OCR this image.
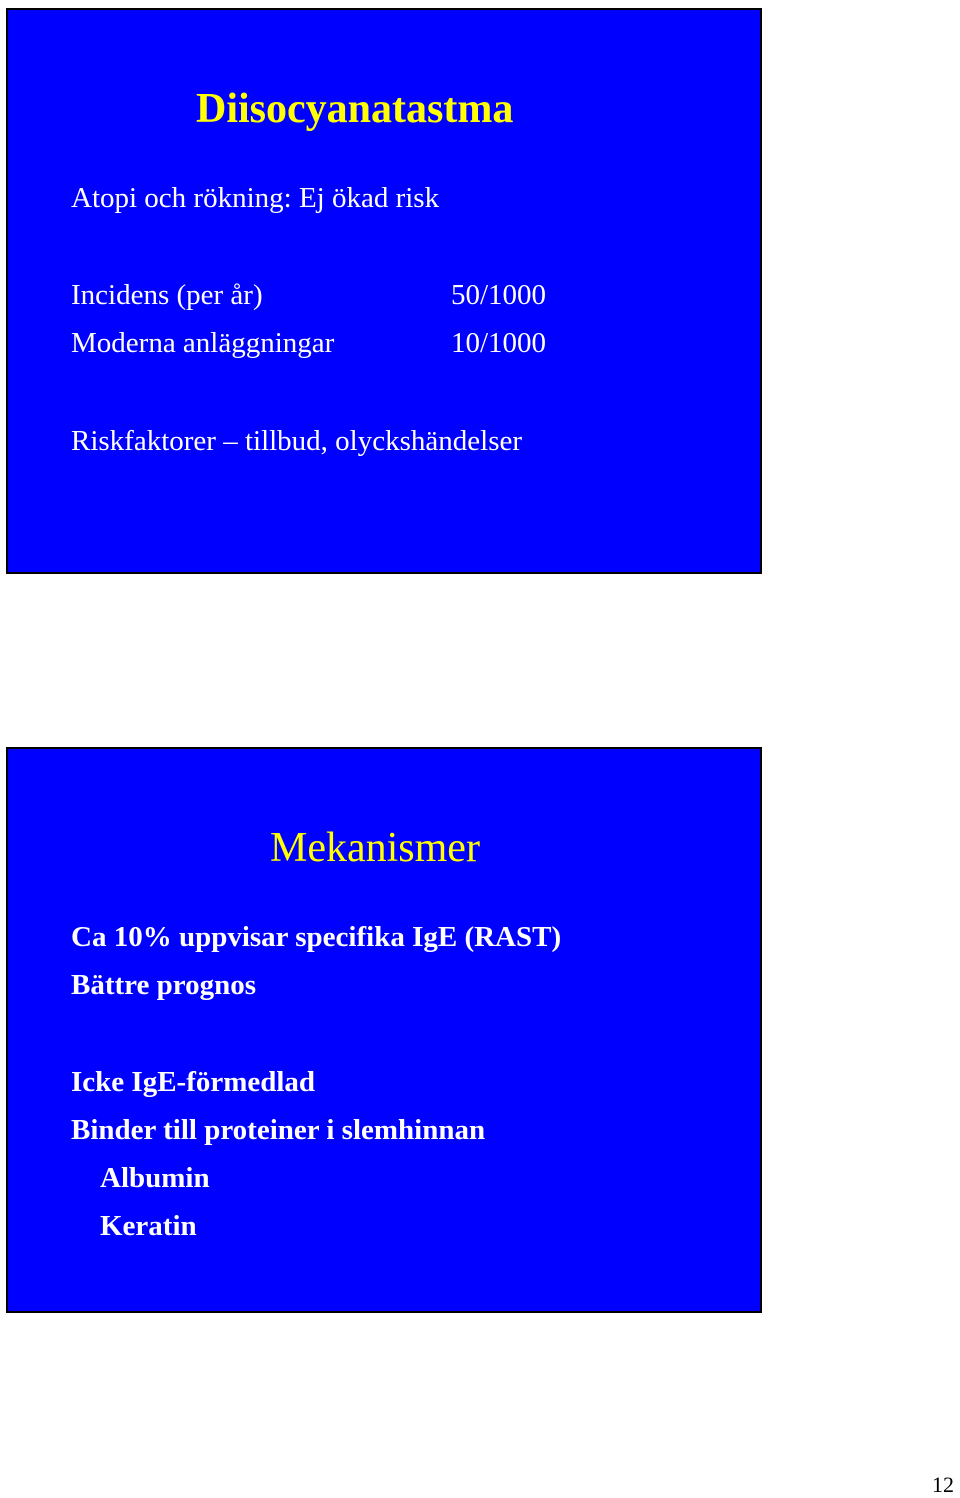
Diisocyanatastma
Atopi och rökning: Ej ökad risk
Incidens (per år)	50/1000
Moderna anläggningar	10/1000
Riskfaktorer – tillbud, olyckshändelser
Mekanismer
Ca 10% uppvisar specifika IgE (RAST)
Bättre prognos
Icke IgE-förmedlad
Binder till proteiner i slemhinnan
Albumin
Keratin
12
